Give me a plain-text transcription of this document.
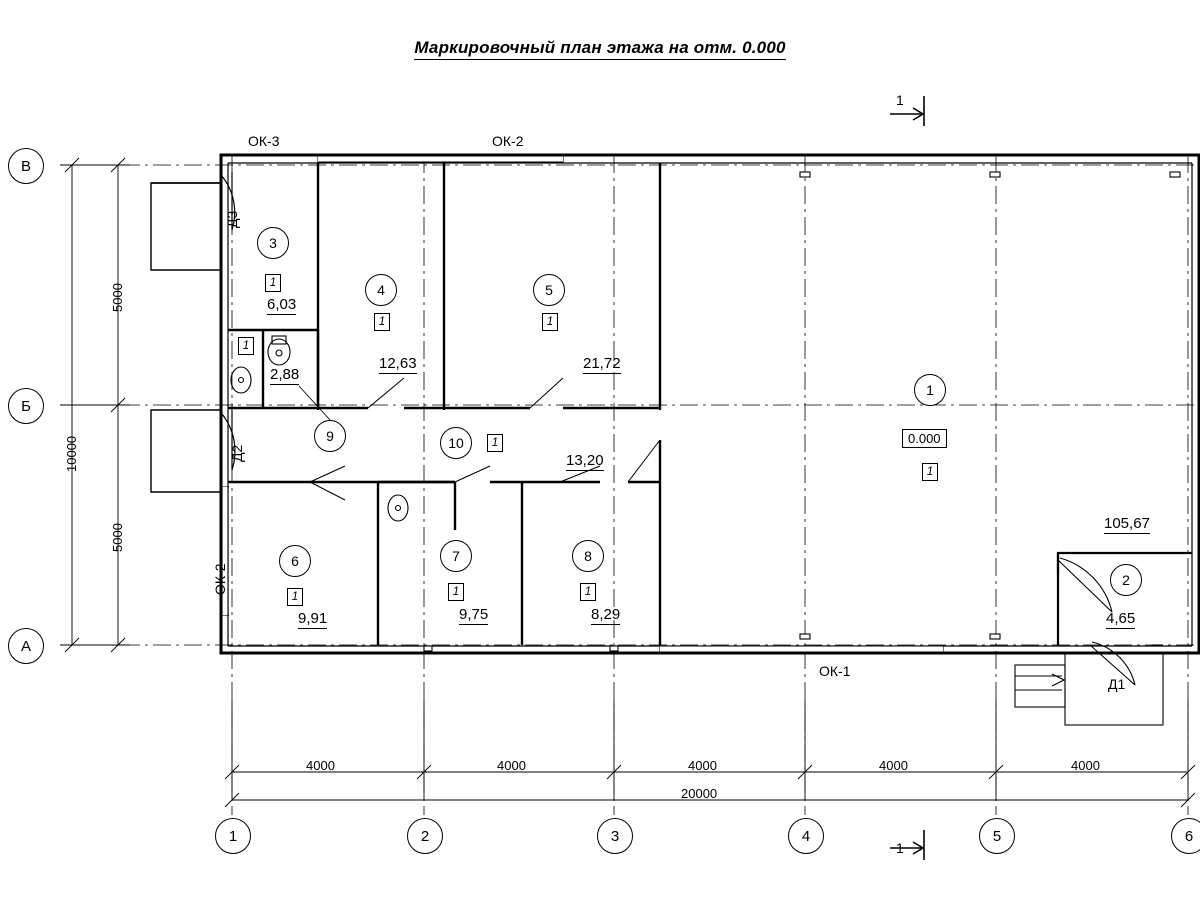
Маркировочный план этажа на отм. 0.000
В
Б
А
1	2	3	4	5	6
1
1
5000
5000
10000
4000	4000	4000	4000	4000
20000
ОК-3	ОК-2
ОК-2
ОК-1
Д3
Д2
Д1
1
0.000
1
105,67
2
4,65
3
1
6,03
4
1
12,63
5
1
21,72
6
1
9,91
7
1
9,75
8
1
8,29
9
1
2,88
10 1
13,20
